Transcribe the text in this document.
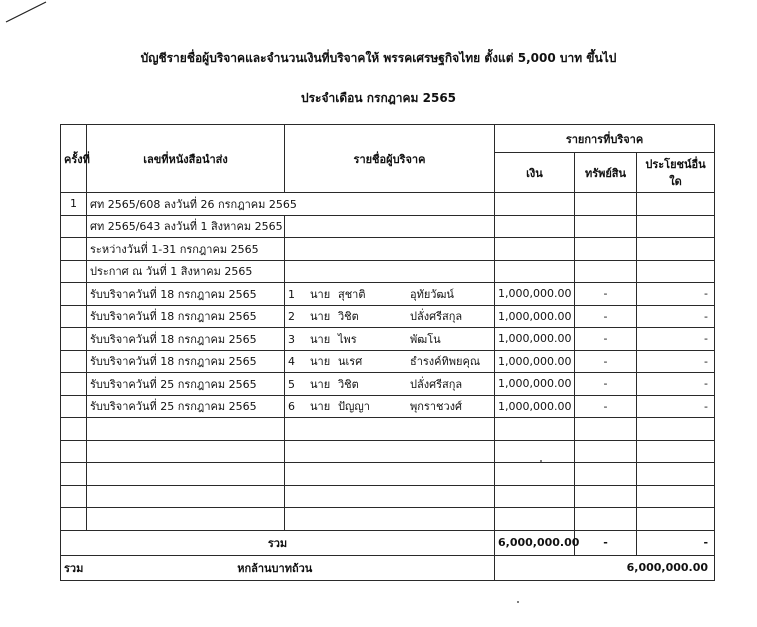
บัญชีรายชื่อผู้บริจาคและจำนวนเงินที่บริจาคให้ พรรคเศรษฐกิจไทย ตั้งแต่ 5,000 บาท ขึ้นไป
ประจำเดือน กรกฎาคม 2565
ครั้งที่	เลขที่หนังสือนำส่ง	รายชื่อผู้บริจาค	รายการที่บริจาค		
			เงิน	ทรัพย์สิน	ประโยชน์อื่นใด
1	ศท 2565/608 ลงวันที่ 26 กรกฎาคม 2565				
	ศท 2565/643 ลงวันที่ 1 สิงหาคม 2565				
	ระหว่างวันที่ 1-31 กรกฎาคม 2565				
	ประกาศ ณ วันที่ 1 สิงหาคม 2565				
	รับบริจาควันที่ 18 กรกฎาคม 2565	1 นาย สุชาติ อุทัยวัฒน์	1,000,000.00	-	-
	รับบริจาควันที่ 18 กรกฎาคม 2565	2 นาย วิชิต ปลั่งศรีสกุล	1,000,000.00	-	-
	รับบริจาควันที่ 18 กรกฎาคม 2565	3 นาย ไพร พัฒโน	1,000,000.00	-	-
	รับบริจาควันที่ 18 กรกฎาคม 2565	4 นาย นเรศ ธำรงค์ทิพยคุณ	1,000,000.00	-	-
	รับบริจาควันที่ 25 กรกฎาคม 2565	5 นาย วิชิต ปลั่งศรีสกุล	1,000,000.00	-	-
	รับบริจาควันที่ 25 กรกฎาคม 2565	6 นาย ปัญญา พุกราชวงศ์	1,000,000.00	-	-

รวม			6,000,000.00	-	-
รวม หกล้านบาทถ้วน			6,000,000.00		
